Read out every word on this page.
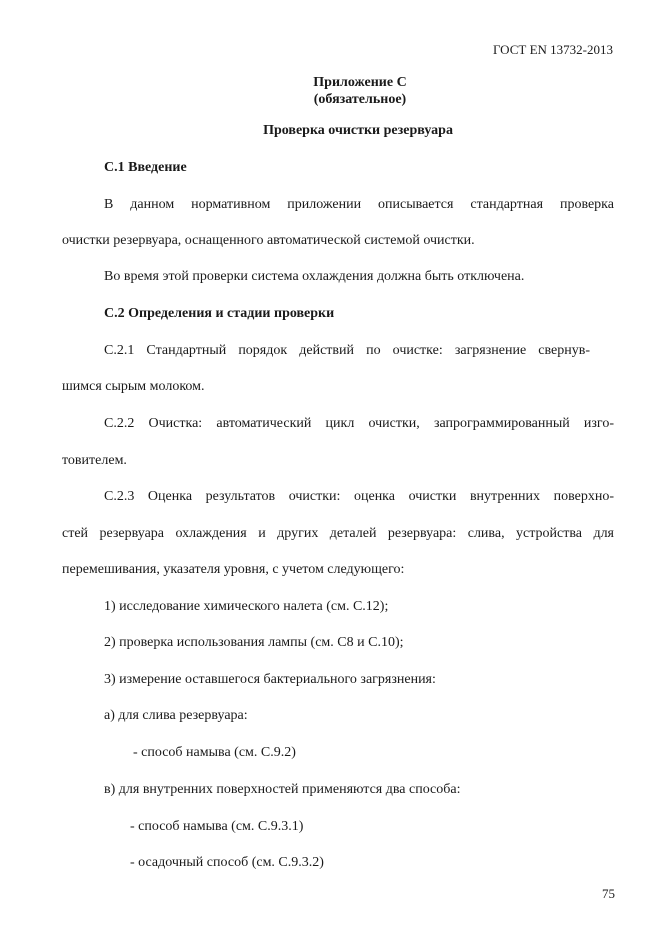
ГОСТ EN 13732-2013
Приложение С
(обязательное)
Проверка очистки резервуара
С.1 Введение
В данном нормативном приложении описывается стандартная проверка
очистки резервуара, оснащенного автоматической системой очистки.
Во время этой проверки система охлаждения должна быть отключена.
С.2 Определения и стадии проверки
С.2.1 Стандартный порядок действий по очистке: загрязнение свернув-
шимся сырым молоком.
С.2.2 Очистка: автоматический цикл очистки, запрограммированный изго-
товителем.
С.2.3 Оценка результатов очистки: оценка очистки внутренних поверхно-
стей резервуара охлаждения и других деталей резервуара: слива, устройства для
перемешивания, указателя уровня, с учетом следующего:
1) исследование химического налета (см. С.12);
2) проверка использования лампы (см. С8 и С.10);
3) измерение оставшегося бактериального загрязнения:
а) для слива резервуара:
- способ намыва (см. С.9.2)
в) для внутренних поверхностей применяются два способа:
- способ намыва (см. С.9.3.1)
- осадочный способ (см. С.9.3.2)
75
